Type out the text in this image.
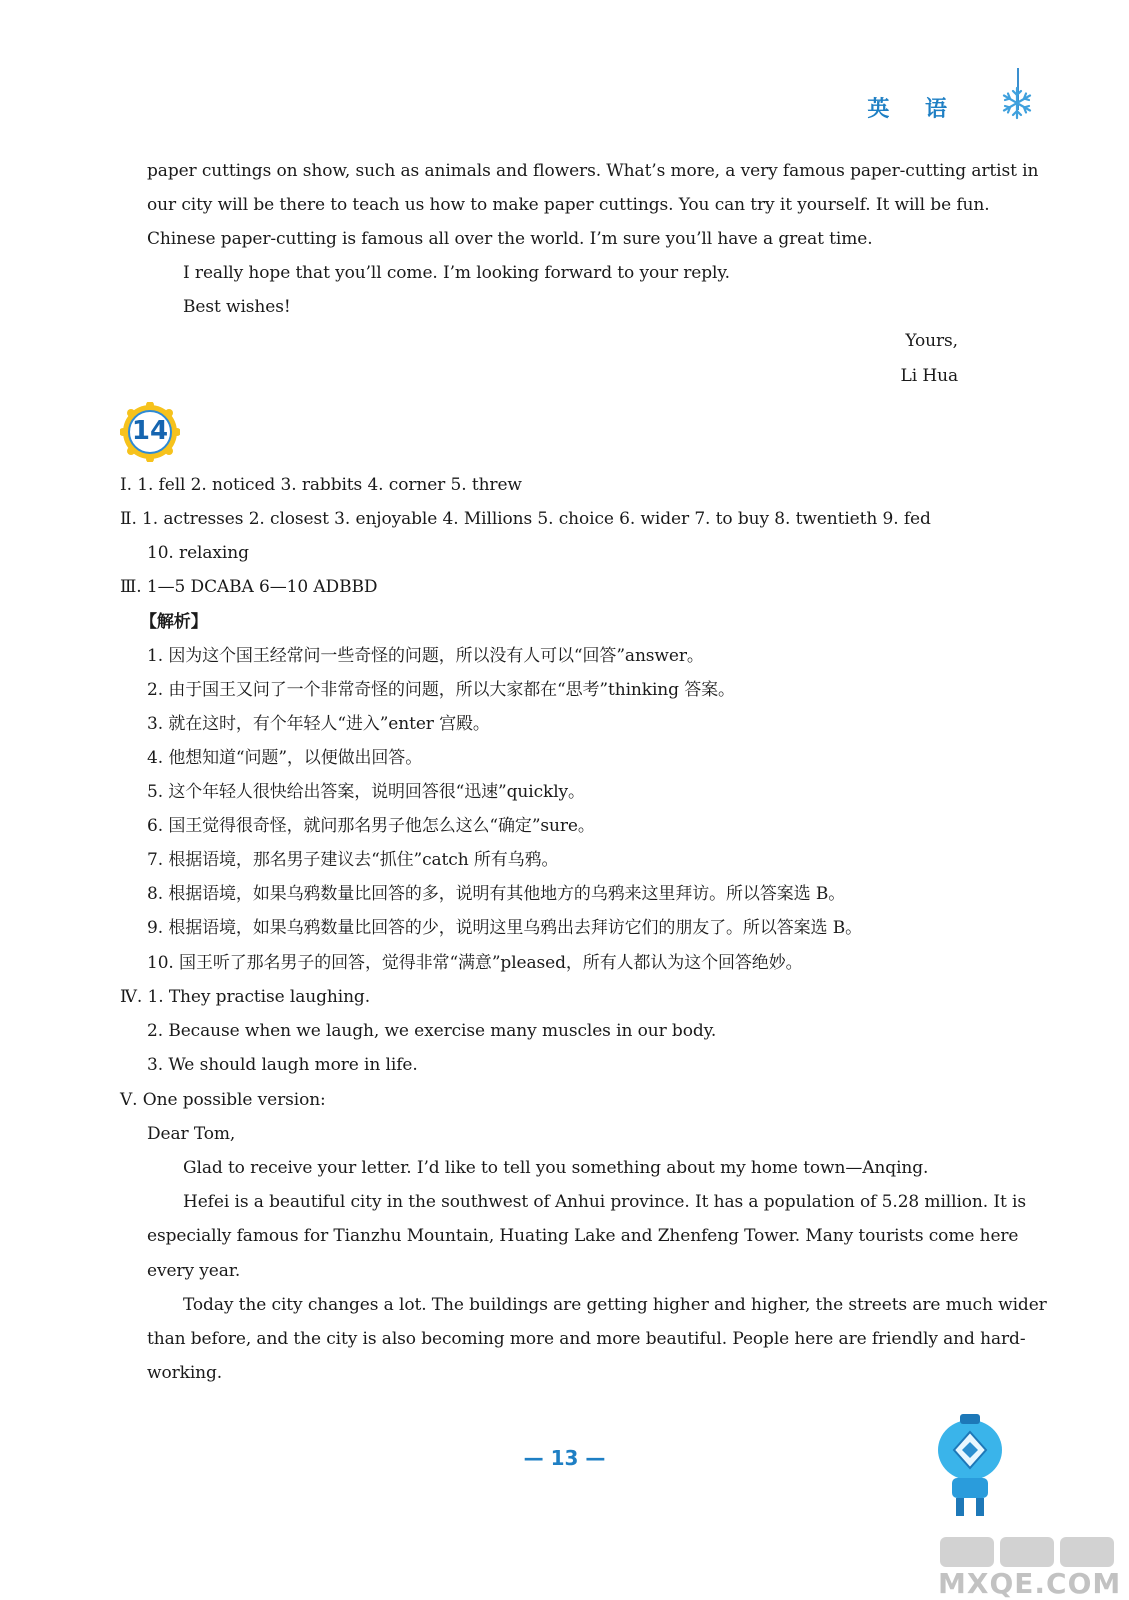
英 语
paper cuttings on show, such as animals and flowers. What’s more, a very famous paper-cutting artist in
our city will be there to teach us how to make paper cuttings. You can try it yourself. It will be fun.
Chinese paper-cutting is famous all over the world. I’m sure you’ll have a great time.
I really hope that you’ll come. I’m looking forward to your reply.
Best wishes!
Yours,
Li Hua
14
Ⅰ. 1. fell 2. noticed 3. rabbits 4. corner 5. threw
Ⅱ. 1. actresses 2. closest 3. enjoyable 4. Millions 5. choice 6. wider 7. to buy 8. twentieth 9. fed
10. relaxing
Ⅲ. 1—5 DCABA 6—10 ADBBD
【解析】
1. 因为这个国王经常问一些奇怪的问题，所以没有人可以“回答”answer。
2. 由于国王又问了一个非常奇怪的问题，所以大家都在“思考”thinking 答案。
3. 就在这时，有个年轻人“进入”enter 宫殿。
4. 他想知道“问题”，以便做出回答。
5. 这个年轻人很快给出答案，说明回答很“迅速”quickly。
6. 国王觉得很奇怪，就问那名男子他怎么这么“确定”sure。
7. 根据语境，那名男子建议去“抓住”catch 所有乌鸦。
8. 根据语境，如果乌鸦数量比回答的多，说明有其他地方的乌鸦来这里拜访。所以答案选 B。
9. 根据语境，如果乌鸦数量比回答的少，说明这里乌鸦出去拜访它们的朋友了。所以答案选 B。
10. 国王听了那名男子的回答，觉得非常“满意”pleased，所有人都认为这个回答绝妙。
Ⅳ. 1. They practise laughing.
2. Because when we laugh, we exercise many muscles in our body.
3. We should laugh more in life.
Ⅴ. One possible version:
Dear Tom,
Glad to receive your letter. I’d like to tell you something about my home town—Anqing.
Hefei is a beautiful city in the southwest of Anhui province. It has a population of 5.28 million. It is
especially famous for Tianzhu Mountain, Huating Lake and Zhenfeng Tower. Many tourists come here
every year.
Today the city changes a lot. The buildings are getting higher and higher, the streets are much wider
than before, and the city is also becoming more and more beautiful. People here are friendly and hard-
working.
— 13 —
MXQE.COM
